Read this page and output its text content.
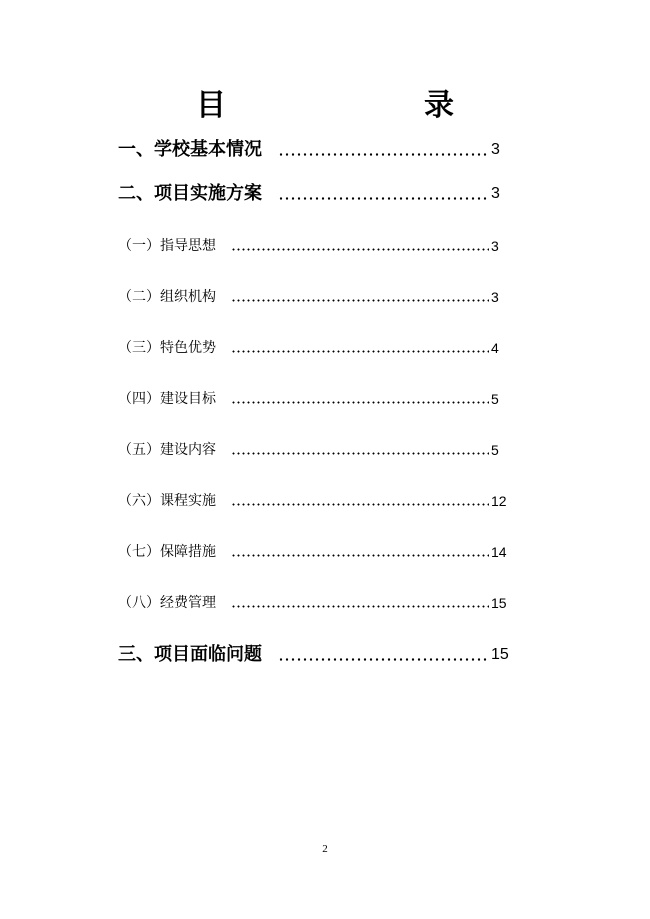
目	录
一、学校基本情况	3
二、项目实施方案	3
（一）指导思想	3
（二）组织机构	3
（三）特色优势	4
（四）建设目标	5
（五）建设内容	5
（六）课程实施	12
（七）保障措施	14
（八）经费管理	15
三、项目面临问题	15
2
